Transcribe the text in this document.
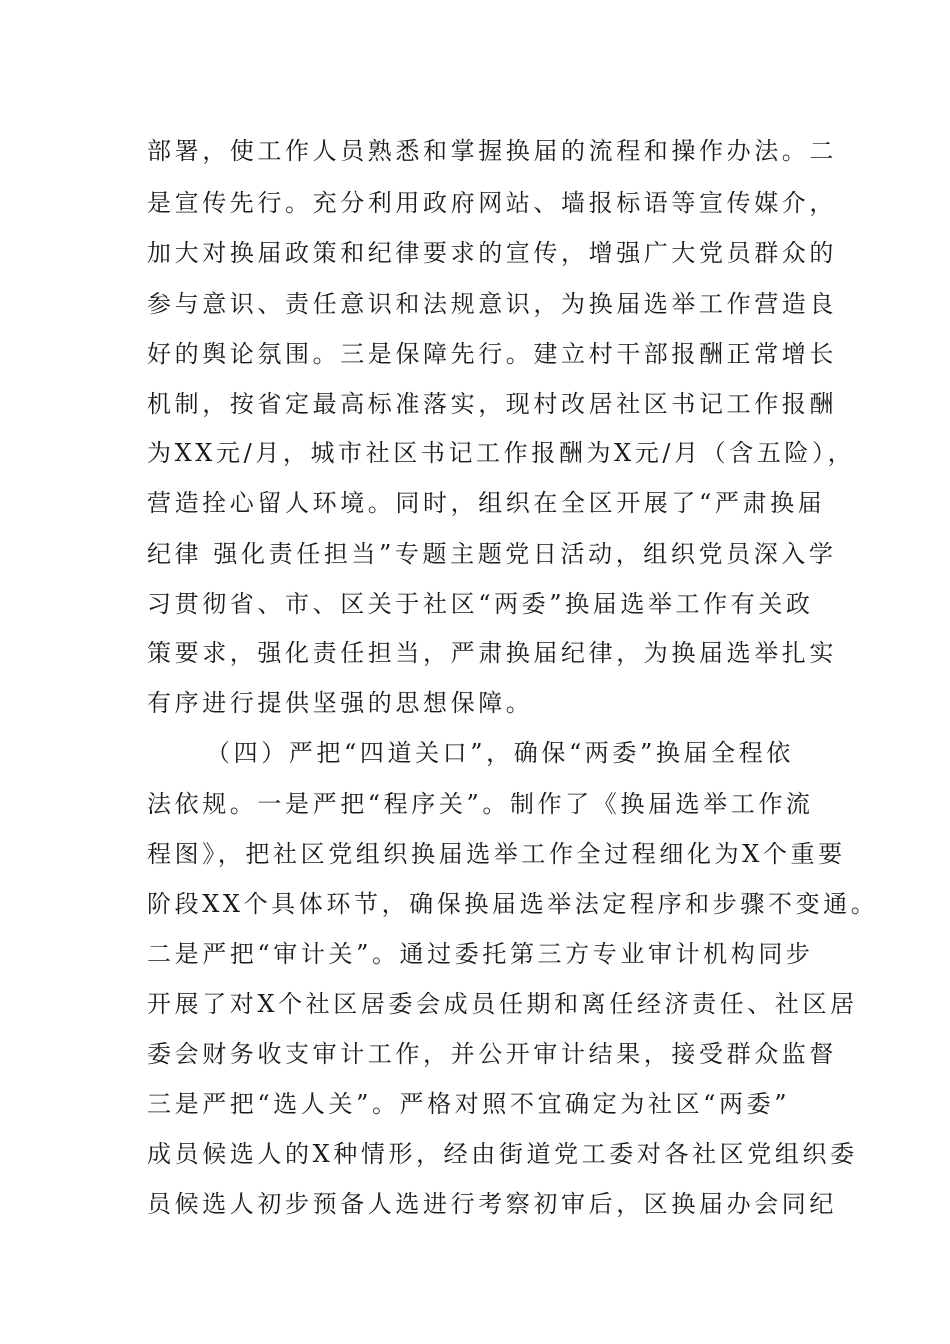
部署，使工作人员熟悉和掌握换届的流程和操作办法。二

是宣传先行。充分利用政府网站、墙报标语等宣传媒介，

加大对换届政策和纪律要求的宣传，增强广大党员群众的

参与意识、责任意识和法规意识，为换届选举工作营造良

好的舆论氛围。三是保障先行。建立村干部报酬正常增长

机制，按省定最高标准落实，现村改居社区书记工作报酬

为XX元/月，城市社区书记工作报酬为X元/月（含五险），

营造拴心留人环境。同时，组织在全区开展了“严肃换届

纪律 强化责任担当”专题主题党日活动，组织党员深入学

习贯彻省、市、区关于社区“两委”换届选举工作有关政

策要求，强化责任担当，严肃换届纪律，为换届选举扎实

有序进行提供坚强的思想保障。

（四）严把“四道关口”，确保“两委”换届全程依

法依规。一是严把“程序关”。制作了《换届选举工作流

程图》，把社区党组织换届选举工作全过程细化为X个重要

阶段XX个具体环节，确保换届选举法定程序和步骤不变通。

二是严把“审计关”。通过委托第三方专业审计机构同步

开展了对X个社区居委会成员任期和离任经济责任、社区居

委会财务收支审计工作，并公开审计结果，接受群众监督

三是严把“选人关”。严格对照不宜确定为社区“两委”

成员候选人的X种情形，经由街道党工委对各社区党组织委

员候选人初步预备人选进行考察初审后，区换届办会同纪
